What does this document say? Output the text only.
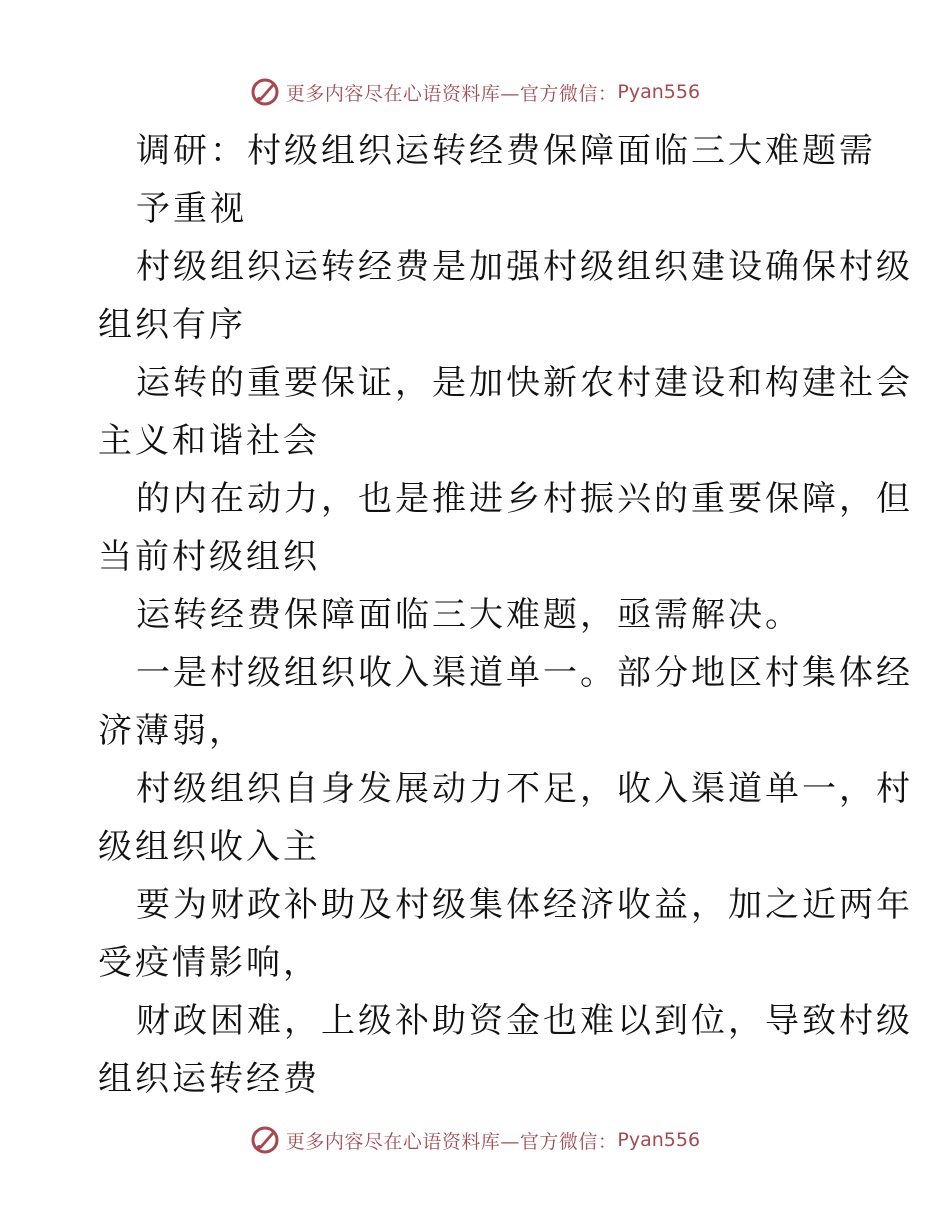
更多内容尽在心语资料库—官方微信： Pyan556
调研：村级组织运转经费保障面临三大难题需
予重视
村级组织运转经费是加强村级组织建设确保村级
组织有序
运转的重要保证，是加快新农村建设和构建社会
主义和谐社会
的内在动力，也是推进乡村振兴的重要保障，但
当前村级组织
运转经费保障面临三大难题，亟需解决。
一是村级组织收入渠道单一。部分地区村集体经
济薄弱，
村级组织自身发展动力不足，收入渠道单一，村
级组织收入主
要为财政补助及村级集体经济收益，加之近两年
受疫情影响，
财政困难，上级补助资金也难以到位，导致村级
组织运转经费
更多内容尽在心语资料库—官方微信： Pyan556
